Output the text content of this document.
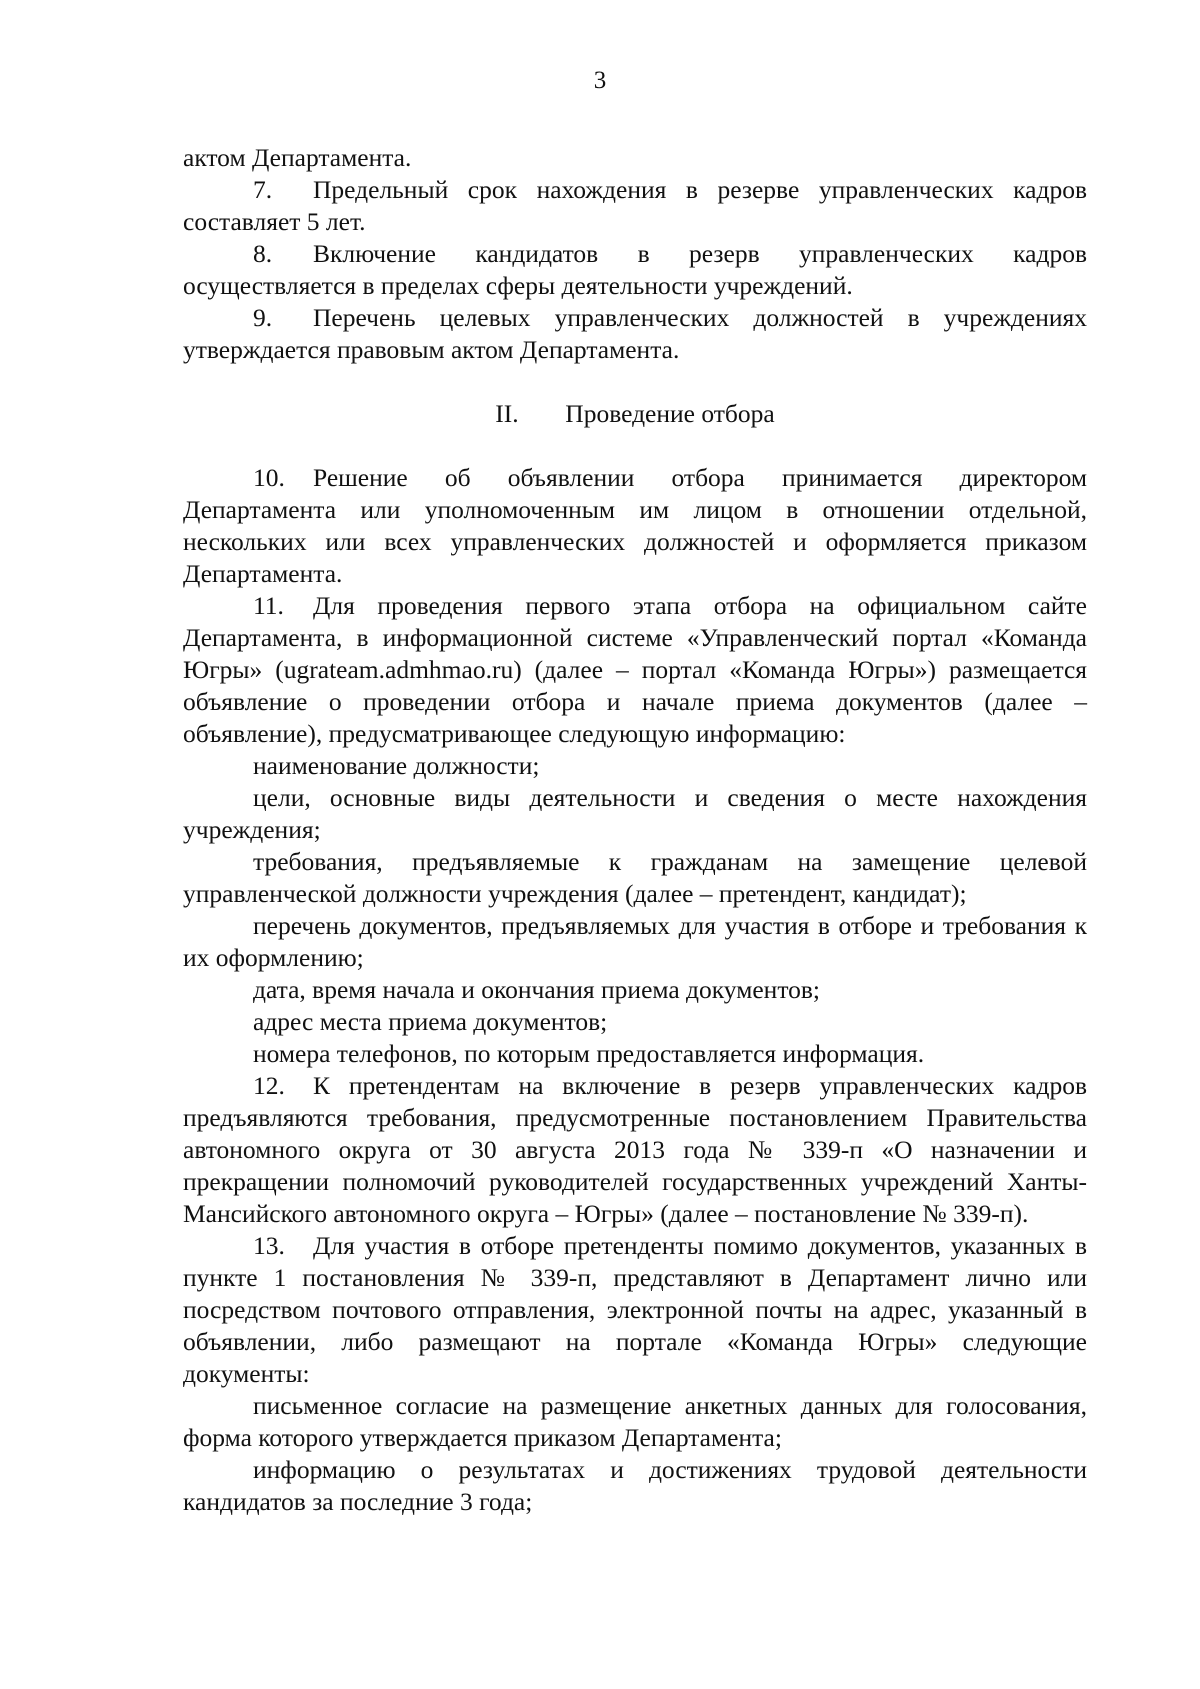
3

актом Департамента.

7. Предельный срок нахождения в резерве управленческих кадров составляет 5 лет.

8. Включение кандидатов в резерв управленческих кадров осуществляется в пределах сферы деятельности учреждений.

9. Перечень целевых управленческих должностей в учреждениях утверждается правовым актом Департамента.

II. Проведение отбора

10. Решение об объявлении отбора принимается директором Департамента или уполномоченным им лицом в отношении отдельной, нескольких или всех управленческих должностей и оформляется приказом Департамента.

11. Для проведения первого этапа отбора на официальном сайте Департамента, в информационной системе «Управленческий портал «Команда Югры» (ugrateam.admhmao.ru) (далее – портал «Команда Югры») размещается объявление о проведении отбора и начале приема документов (далее – объявление), предусматривающее следующую информацию:

наименование должности;

цели, основные виды деятельности и сведения о месте нахождения учреждения;

требования, предъявляемые к гражданам на замещение целевой управленческой должности учреждения (далее – претендент, кандидат);

перечень документов, предъявляемых для участия в отборе и требования к их оформлению;

дата, время начала и окончания приема документов;

адрес места приема документов;

номера телефонов, по которым предоставляется информация.

12. К претендентам на включение в резерв управленческих кадров предъявляются требования, предусмотренные постановлением Правительства автономного округа от 30 августа 2013 года № 339-п «О назначении и прекращении полномочий руководителей государственных учреждений Ханты-Мансийского автономного округа – Югры» (далее – постановление № 339-п).

13. Для участия в отборе претенденты помимо документов, указанных в пункте 1 постановления № 339-п, представляют в Департамент лично или посредством почтового отправления, электронной почты на адрес, указанный в объявлении, либо размещают на портале «Команда Югры» следующие документы:

письменное согласие на размещение анкетных данных для голосования, форма которого утверждается приказом Департамента;

информацию о результатах и достижениях трудовой деятельности кандидатов за последние 3 года;
